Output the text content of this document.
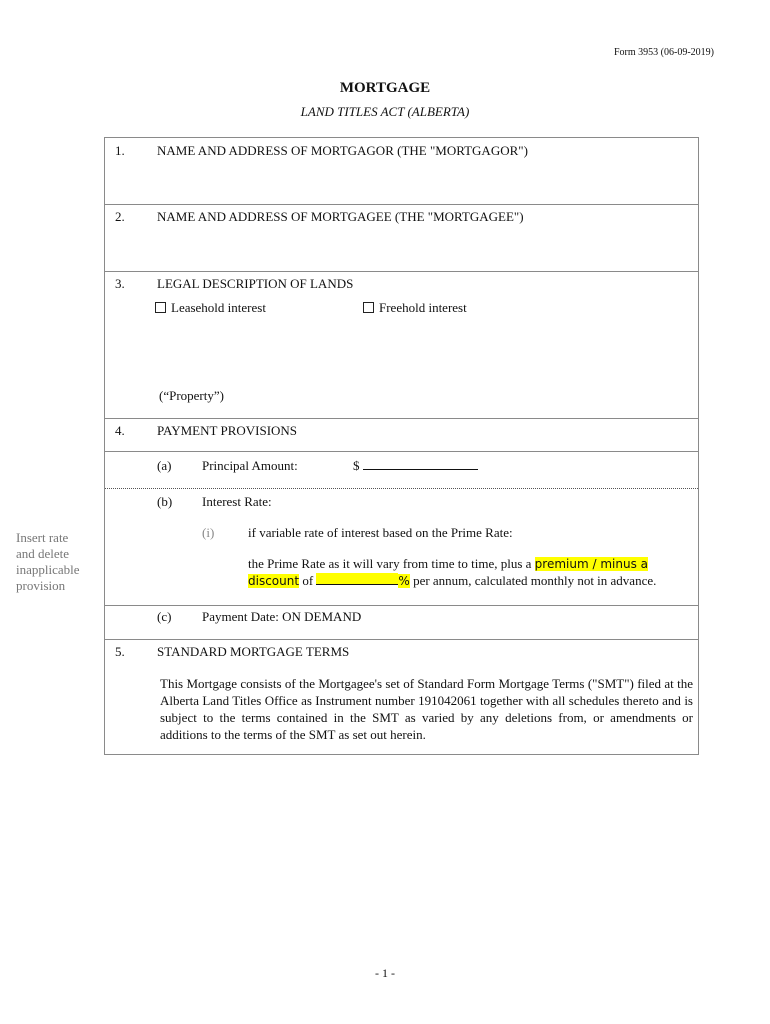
Form 3953 (06-09-2019)
MORTGAGE
LAND TITLES ACT (ALBERTA)
1. NAME AND ADDRESS OF MORTGAGOR (THE "MORTGAGOR")
2. NAME AND ADDRESS OF MORTGAGEE (THE "MORTGAGEE")
3. LEGAL DESCRIPTION OF LANDS
Leasehold interest	Freehold interest
(“Property”)
4. PAYMENT PROVISIONS
(a) Principal Amount:	$
(b) Interest Rate:
(i)	if variable rate of interest based on the Prime Rate:
the Prime Rate as it will vary from time to time, plus a premium / minus a
discount of	% per annum, calculated monthly not in advance.
(c) Payment Date: ON DEMAND
5. STANDARD MORTGAGE TERMS
This Mortgage consists of the Mortgagee's set of Standard Form Mortgage Terms ("SMT") filed at the Alberta Land Titles Office as Instrument number 191042061 together with all schedules thereto and is subject to the terms contained in the SMT as varied by any deletions from, or amendments or additions to the terms of the SMT as set out herein.
Insert rate
and delete
inapplicable
provision
- 1 -
